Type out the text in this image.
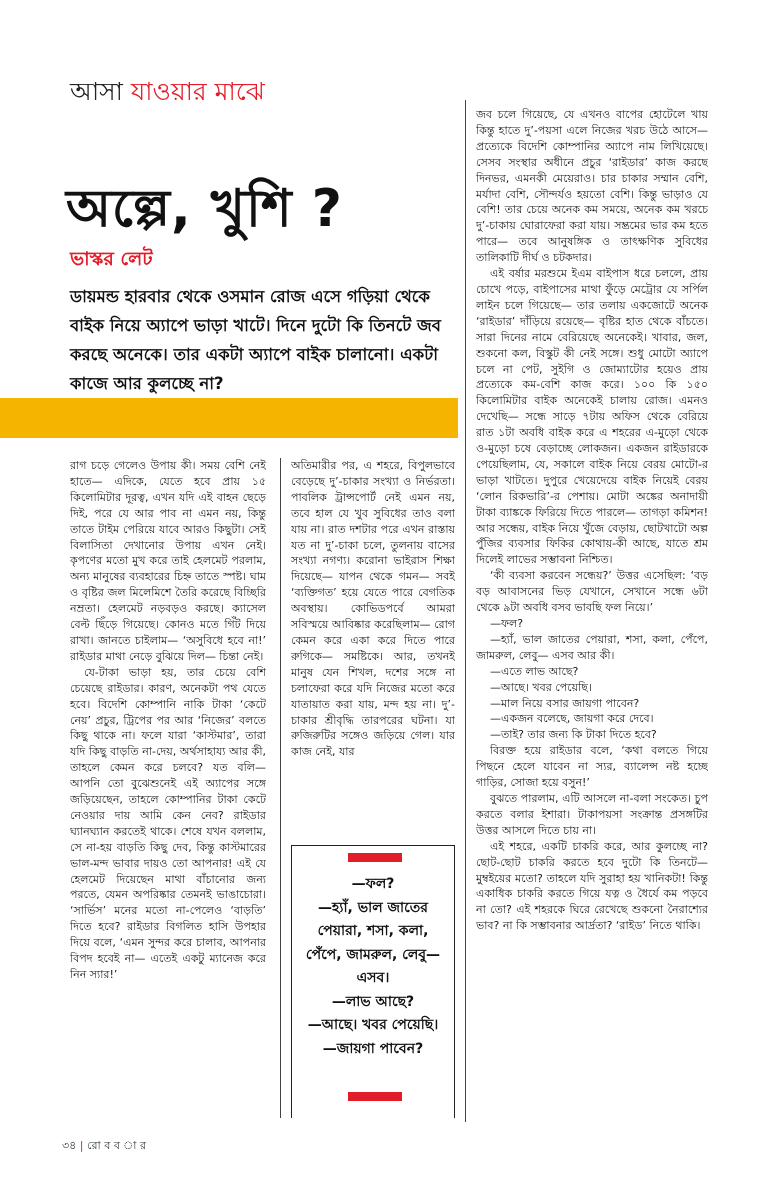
আসা যাওয়ার মাঝে
অল্পে, খুশি ?
ভাস্কর লেট
ডায়মন্ড হারবার থেকে ওসমান রোজ এসে গড়িয়া থেকে বাইক নিয়ে অ্যাপে ভাড়া খাটে। দিনে দুটো কি তিনটে জব করছে অনেকে। তার একটা অ্যাপে বাইক চালানো। একটা কাজে আর কুলচ্ছে না?

রাগ চড়ে গেলেও উপায় কী। সময় বেশি নেই হাতে— এদিকে, যেতে হবে প্রায় ১৫ কিলোমিটার দূরত্ব, এখন যদি এই বাহন ছেড়ে দিই, পরে যে আর পাব না এমন নয়, কিন্তু তাতে টাইম পেরিয়ে যাবে আরও কিছুটা। সেই বিলাসিতা দেখানোর উপায় এখন নেই। কৃপণের মতো মুখ করে তাই হেলমেট পরলাম, অন্য মানুষের ব্যবহারের চিহ্ন তাতে স্পষ্ট। ঘাম ও বৃষ্টির জল মিলেমিশে তৈরি করেছে বিচ্ছিরি নম্রতা। হেলমেট নড়বড়ও করছে। ক্যাসেল বেল্ট ছিঁড়ে গিয়েছে। কোনও মতে গিঁট দিয়ে রাখা। জানতে চাইলাম— ‘অসুবিধে হবে না!’ রাইডার মাথা নেড়ে বুঝিয়ে দিল— চিন্তা নেই।

যে-টাকা ভাড়া হয়, তার চেয়ে বেশি চেয়েছে রাইডার। কারণ, অনেকটা পথ যেতে হবে। বিদেশি কোম্পানি নাকি টাকা ‘কেটে নেয়’ প্রচুর, ট্রিপের পর আর ‘নিজের’ বলতে কিছু থাকে না। ফলে যারা ‘কাস্টমার’, তারা যদি কিছু বাড়তি না-দেয়, অর্থসাহায্য আর কী, তাহলে কেমন করে চলবে? যত বলি— আপনি তো বুঝেশুনেই এই অ্যাপের সঙ্গে জড়িয়েছেন, তাহলে কোম্পানির টাকা কেটে নেওয়ার দায় আমি কেন নেব? রাইডার ঘ্যানঘ্যান করতেই থাকে। শেষে যখন বললাম, সে না-হয় বাড়তি কিছু দেব, কিন্তু কাস্টমারের ভাল-মন্দ ভাবার দায়ও তো আপনার! এই যে হেলমেট দিয়েছেন মাথা বাঁচানোর জন্য পরতে, যেমন অপরিষ্কার তেমনই ভাঙাচোরা। ‘সার্ভিস’ মনের মতো না-পেলেও ‘বাড়তি’ দিতে হবে? রাইডার বিগলিত হাসি উপহার দিয়ে বলে, ‘এমন সুন্দর করে চালাব, আপনার বিপদ হবেই না— এতেই একটু ম্যানেজ করে নিন স্যার!’

অতিমারীর পর, এ শহরে, বিপুলভাবে বেড়েছে দু’-চাকার সংখ্যা ও নির্ভরতা। পাবলিক ট্রান্সপোর্ট নেই এমন নয়, তবে হাল যে খুব সুবিধের তাও বলা যায় না। রাত দশটার পরে এখন রাস্তায় যত না দু’-চাকা চলে, তুলনায় বাসের সংখ্যা নগণ্য। করোনা ভাইরাস শিক্ষা দিয়েছে— যাপন থেকে গমন— সবই ‘ব্যক্তিগত’ হয়ে যেতে পারে বেগতিক অবস্থায়। কোভিডপর্বে আমরা সবিস্ময়ে আবিষ্কার করেছিলাম— রোগ কেমন করে একা করে দিতে পারে রুগিকে— সমষ্টিকে। আর, তখনই মানুষ যেন শিখল, দশের সঙ্গে না চলাফেরা করে যদি নিজের মতো করে যাতায়াত করা যায়, মন্দ হয় না। দু’-চাকার শ্রীবৃদ্ধি তারপরের ঘটনা। যা রুজিরুটির সঙ্গেও জড়িয়ে গেল। যার কাজ নেই, যার

—ফল?
—হ্যাঁ, ভাল জাতের পেয়ারা, শসা, কলা, পেঁপে, জামরুল, লেবু— এসব।
—লাভ আছে?
—আছে। খবর পেয়েছি।
—জায়গা পাবেন?

জব চলে গিয়েছে, যে এখনও বাপের হোটেলে খায় কিন্তু হাতে দু’-পয়সা এলে নিজের খরচ উঠে আসে— প্রত্যেকে বিদেশি কোম্পানির অ্যাপে নাম লিখিয়েছে। সেসব সংস্থার অধীনে প্রচুর ‘রাইডার’ কাজ করছে দিনভর, এমনকী মেয়েরাও। চার চাকার সম্মান বেশি, মর্যাদা বেশি, সৌন্দর্যও হয়তো বেশি। কিন্তু ভাড়াও যে বেশি! তার চেয়ে অনেক কম সময়ে, অনেক কম খরচে দু’-চাকায় ঘোরাফেরা করা যায়। সম্ভ্রমের ভার কম হতে পারে— তবে আনুষঙ্গিক ও তাৎক্ষণিক সুবিধের তালিকাটি দীর্ঘ ও চটকদার।

এই বর্ষার মরশুমে ইএম বাইপাস ধরে চললে, প্রায় চোখে পড়ে, বাইপাসের মাথা ফুঁড়ে মেট্রোর যে সর্পিল লাইন চলে গিয়েছে— তার তলায় একজোটে অনেক ‘রাইডার’ দাঁড়িয়ে রয়েছে— বৃষ্টির হাত থেকে বাঁচতে। সারা দিনের নামে বেরিয়েছে অনেকেই। খাবার, জল, শুকনো কল, বিস্কুট কী নেই সঙ্গে। শুধু মোটো অ্যাপে চলে না পেট, সুইগি ও জোম্যাটোর হয়েও প্রায় প্রত্যেকে কম-বেশি কাজ করে। ১০০ কি ১৫০ কিলোমিটার বাইক অনেকেই চালায় রোজ। এমনও দেখেছি— সন্ধে সাড়ে ৭টায় অফিস থেকে বেরিয়ে রাত ১টা অবধি বাইক করে এ শহরের এ-মুড়ো থেকে ও-মুড়ো চষে বেড়াচ্ছে লোকজন। একজন রাইডারকে পেয়েছিলাম, যে, সকালে বাইক নিয়ে বেরয় মোটো-র ভাড়া খাটতে। দুপুরে খেয়েদেয়ে বাইক নিয়েই বেরয় ‘লোন রিকভারি’-র পেশায়। মোটা অঙ্কের অনাদায়ী টাকা ব্যাঙ্ককে ফিরিয়ে দিতে পারলে— তাগড়া কমিশন! আর সন্ধেয়, বাইক নিয়ে খুঁজে বেড়ায়, ছোটখাটো অল্প পুঁজির ব্যবসার ফিকির কোথায়-কী আছে, যাতে শ্রম দিলেই লাভের সম্ভাবনা নিশ্চিত।

‘কী ব্যবসা করবেন সন্ধেয়?’ উত্তর এসেছিল: ‘বড় বড় আবাসনের ভিড় যেখানে, সেখানে সন্ধে ৬টা থেকে ৯টা অবধি বসব ভাবছি ফল নিয়ে।’

—ফল?

—হ্যাঁ, ভাল জাতের পেয়ারা, শসা, কলা, পেঁপে, জামরুল, লেবু— এসব আর কী।

—এতে লাভ আছে?

—আছে। খবর পেয়েছি।

—মাল নিয়ে বসার জায়গা পাবেন?

—একজন বলেছে, জায়গা করে দেবে।

—তাই? তার জন্য কি টাকা দিতে হবে?

বিরক্ত হয়ে রাইডার বলে, ‘কথা বলতে গিয়ে পিছনে হেলে যাবেন না স্যর, ব্যালেন্স নষ্ট হচ্ছে গাড়ির, সোজা হয়ে বসুন!’

বুঝতে পারলাম, এটি আসলে না-বলা সংকেত। চুপ করতে বলার ইশারা। টাকাপয়সা সংক্রান্ত প্রসঙ্গটির উত্তর আসলে দিতে চায় না।

এই শহরে, একটি চাকরি করে, আর কুলচ্ছে না? ছোট-ছোট চাকরি করতে হবে দুটো কি তিনটে— মুম্বইয়ের মতো? তাহলে যদি সুরাহা হয় খানিকটা! কিন্তু একাধিক চাকরি করতে গিয়ে যত্ন ও ধৈর্যে কম পড়বে না তো? এই শহরকে ঘিরে রেখেছে শুকনো নৈরাশ্যের ভাব? না কি সম্ভাবনার আর্দ্রতা? ‘রাইড’ নিতে থাকি।

৩৪ | রো ব ব া র
